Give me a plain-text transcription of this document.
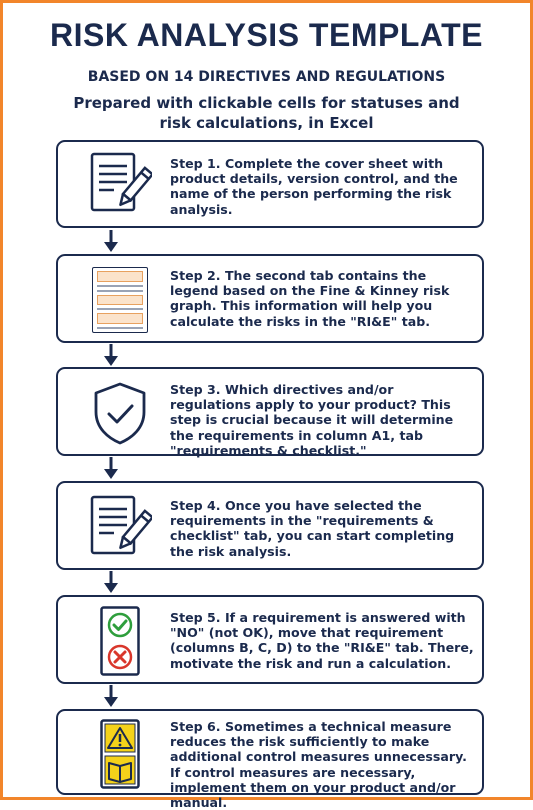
RISK ANALYSIS TEMPLATE
BASED ON 14 DIRECTIVES AND REGULATIONS
Prepared with clickable cells for statuses and risk calculations, in Excel
Step 1. Complete the cover sheet with product details, version control, and the name of the person performing the risk analysis.
Step 2. The second tab contains the legend based on the Fine & Kinney risk graph. This information will help you calculate the risks in the "RI&E" tab.
Step 3. Which directives and/or regulations apply to your product? This step is crucial because it will determine the requirements in column A1, tab "requirements & checklist."
Step 4. Once you have selected the requirements in the "requirements & checklist" tab, you can start completing the risk analysis.
Step 5. If a requirement is answered with "NO" (not OK), move that requirement (columns B, C, D) to the "RI&E" tab. There, motivate the risk and run a calculation.
Step 6. Sometimes a technical measure reduces the risk sufficiently to make additional control measures unnecessary. If control measures are necessary, implement them on your product and/or manual.
